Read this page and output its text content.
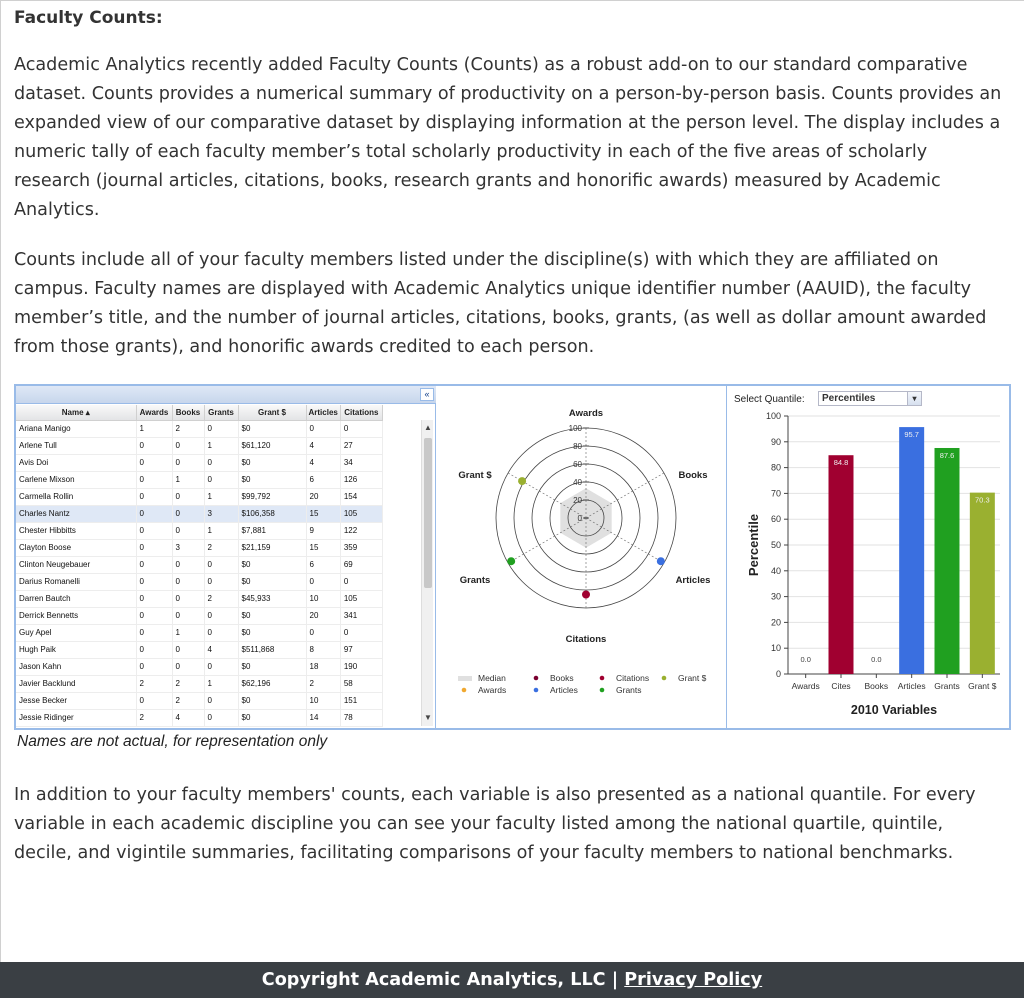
Faculty Counts:

Academic Analytics recently added Faculty Counts (Counts) as a robust add-on to our standard comparative dataset. Counts provides a numerical summary of productivity on a person-by-person basis. Counts provides an expanded view of our comparative dataset by displaying information at the person level. The display includes a numeric tally of each faculty member’s total scholarly productivity in each of the five areas of scholarly research (journal articles, citations, books, research grants and honorific awards) measured by Academic Analytics.

Counts include all of your faculty members listed under the discipline(s) with which they are affiliated on campus. Faculty names are displayed with Academic Analytics unique identifier number (AAUID), the faculty member’s title, and the number of journal articles, citations, books, grants, (as well as dollar amount awarded from those grants), and honorific awards credited to each person.

«
Name ▴	Awards	Books	Grants	Grant $	Articles	Citations
Ariana Manigo	1	2	0	$0	0	0
Arlene Tull	0	0	1	$61,120	4	27
Avis Doi	0	0	0	$0	4	34
Carlene Mixson	0	1	0	$0	6	126
Carmella Rollin	0	0	1	$99,792	20	154
Charles Nantz	0	0	3	$106,358	15	105
Chester Hibbitts	0	0	1	$7,881	9	122
Clayton Boose	0	3	2	$21,159	15	359
Clinton Neugebauer	0	0	0	$0	6	69
Darius Romanelli	0	0	0	$0	0	0
Darren Bautch	0	0	2	$45,933	10	105
Derrick Bennetts	0	0	0	$0	20	341
Guy Apel	0	1	0	$0	0	0
Hugh Paik	0	0	4	$511,868	8	97
Jason Kahn	0	0	0	$0	18	190
Javier Backlund	2	2	1	$62,196	2	58
Jesse Becker	0	2	0	$0	10	151
Jessie Ridinger	2	4	0	$0	14	78
▲
▼
100
80
60
40
20
0
Awards
Books
Articles
Citations
Grants
Grant $
Median
Awards
Books
Articles
Citations
Grants
Grant $
Select Quantile:	Percentiles	▾
0
10
20
30
40
50
60
70
80
90
100
Percentile
0.0
Awards
84.8
Cites
0.0
Books
95.7
Articles
87.6
Grants
70.3
Grant $
2010 Variables
Names are not actual, for representation only

In addition to your faculty members' counts, each variable is also presented as a national quantile. For every variable in each academic discipline you can see your faculty listed among the national quartile, quintile, decile, and vigintile summaries, facilitating comparisons of your faculty members to national benchmarks.

Copyright Academic Analytics, LLC | Privacy Policy
